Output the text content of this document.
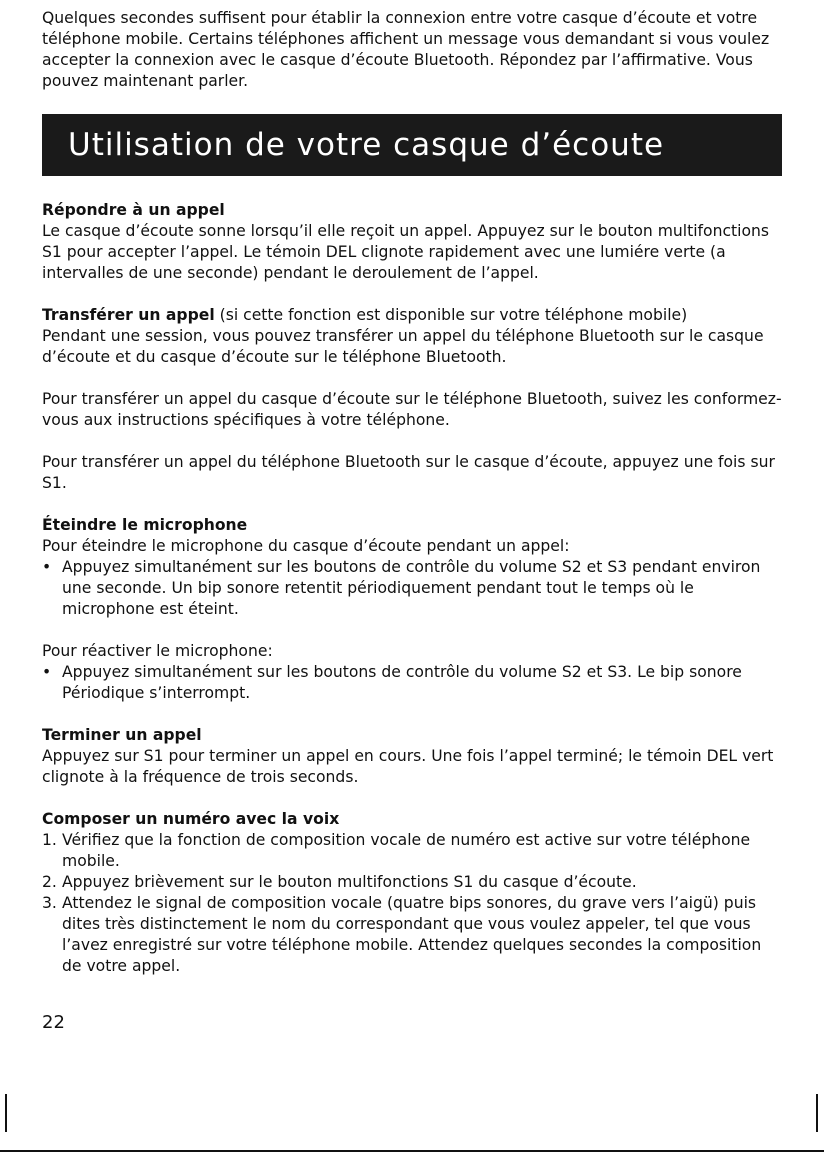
Quelques secondes suffisent pour établir la connexion entre votre casque d’écoute et votre téléphone mobile. Certains téléphones affichent un message vous demandant si vous voulez accepter la connexion avec le casque d’écoute Bluetooth. Répondez par l’affirmative. Vous pouvez maintenant parler.

Utilisation de votre casque d’écoute

Répondre à un appel

Le casque d’écoute sonne lorsqu’il elle reçoit un appel. Appuyez sur le bouton multifonctions S1 pour accepter l’appel. Le témoin DEL clignote rapidement avec une lumiére verte (a intervalles de une seconde) pendant le deroulement de l’appel.

Transférer un appel (si cette fonction est disponible sur votre téléphone mobile)

Pendant une session, vous pouvez transférer un appel du téléphone Bluetooth sur le casque d’écoute et du casque d’écoute sur le téléphone Bluetooth.

Pour transférer un appel du casque d’écoute sur le téléphone Bluetooth, suivez les conformez-vous aux instructions spécifiques à votre téléphone.

Pour transférer un appel du téléphone Bluetooth sur le casque d’écoute, appuyez une fois sur S1.

Éteindre le microphone

Pour éteindre le microphone du casque d’écoute pendant un appel:

• Appuyez simultanément sur les boutons de contrôle du volume S2 et S3 pendant environ une seconde. Un bip sonore retentit périodiquement pendant tout le temps où le microphone est éteint.

Pour réactiver le microphone:

• Appuyez simultanément sur les boutons de contrôle du volume S2 et S3. Le bip sonore Périodique s’interrompt.

Terminer un appel

Appuyez sur S1 pour terminer un appel en cours. Une fois l’appel terminé; le témoin DEL vert clignote à la fréquence de trois seconds.

Composer un numéro avec la voix

1. Vérifiez que la fonction de composition vocale de numéro est active sur votre téléphone mobile.
2. Appuyez brièvement sur le bouton multifonctions S1 du casque d’écoute.
3. Attendez le signal de composition vocale (quatre bips sonores, du grave vers l’aigü) puis dites très distinctement le nom du correspondant que vous voulez appeler, tel que vous l’avez enregistré sur votre téléphone mobile. Attendez quelques secondes la composition de votre appel.
22
